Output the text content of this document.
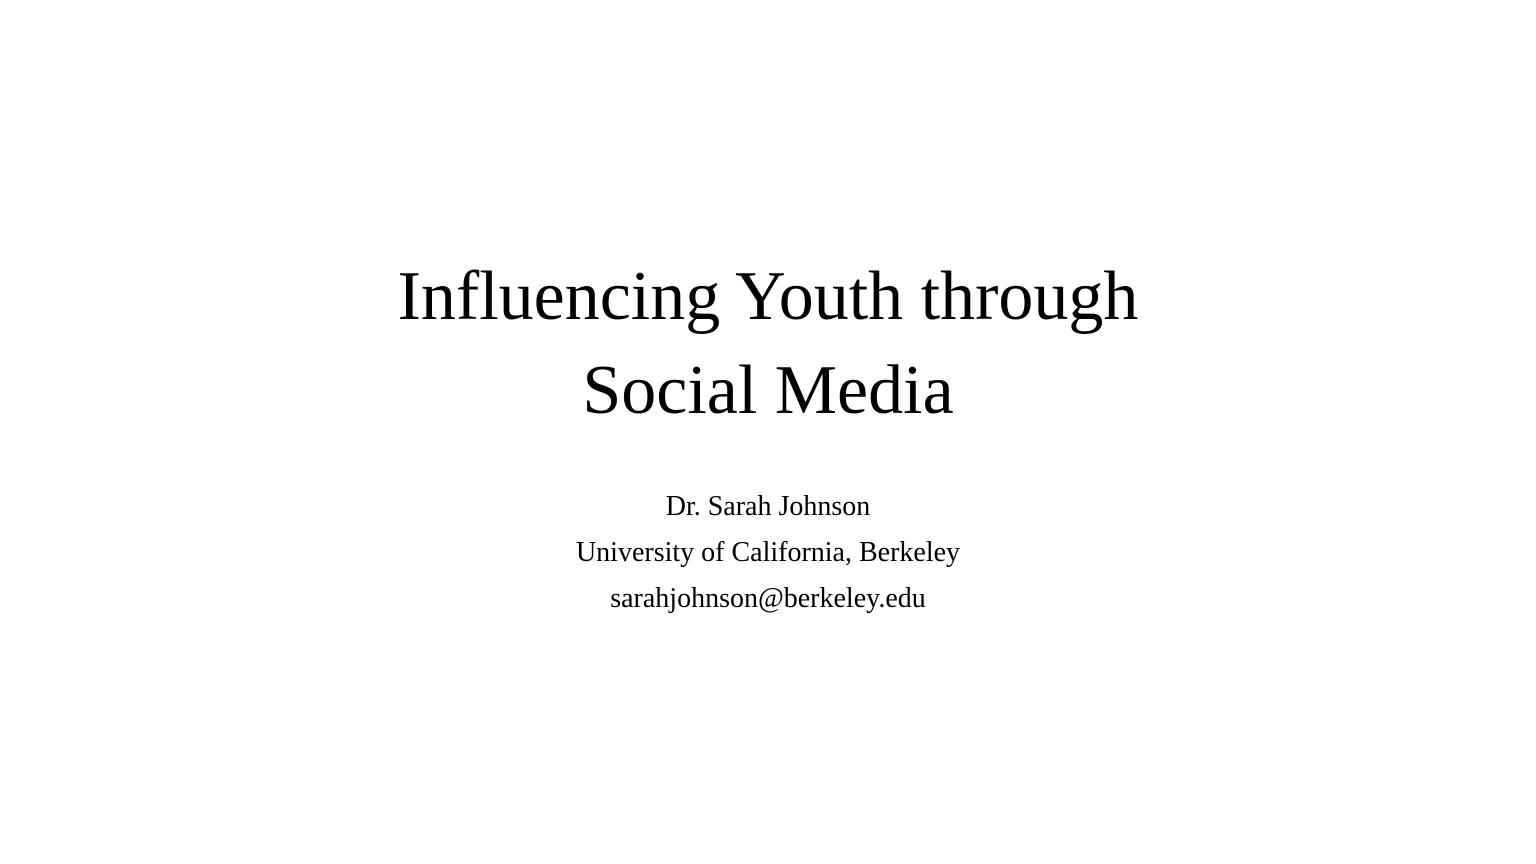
Influencing Youth through
Social Media
Dr. Sarah Johnson
University of California, Berkeley
sarahjohnson@berkeley.edu
